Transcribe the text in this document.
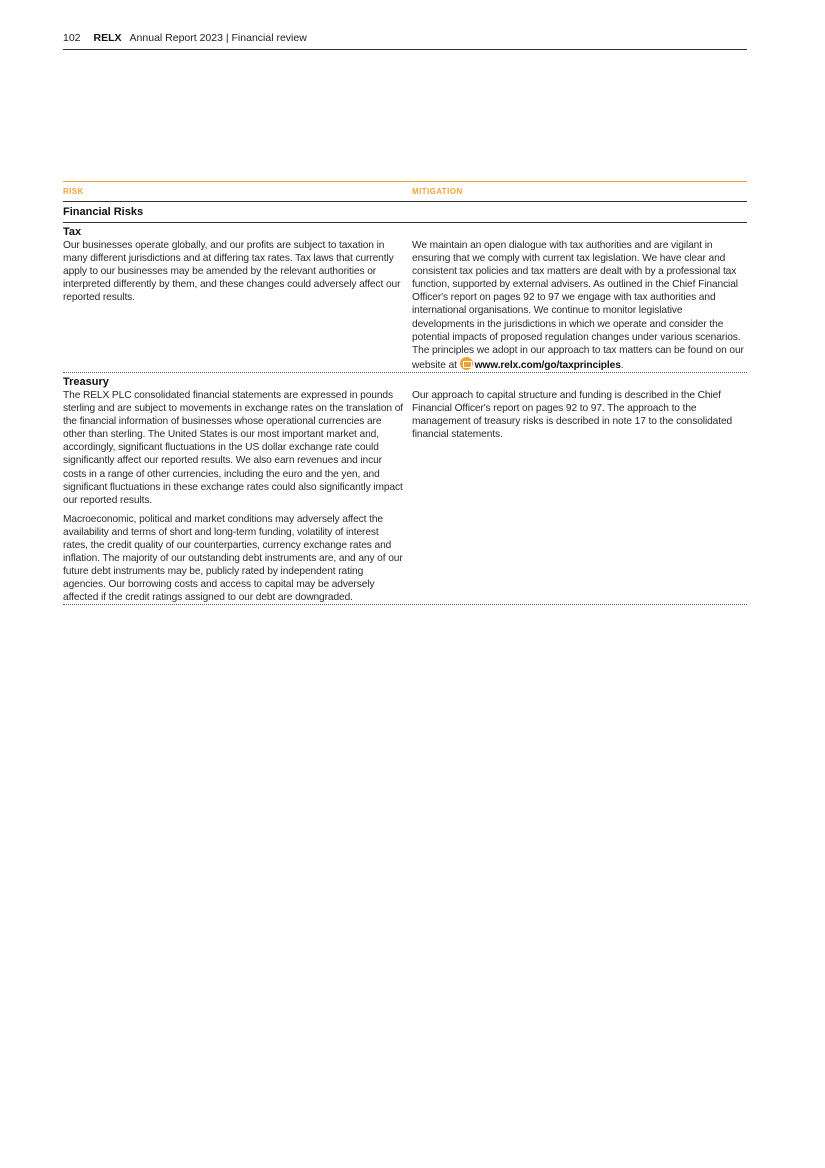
102 RELX Annual Report 2023 | Financial review
RISK	MITIGATION
Financial Risks
Tax

Our businesses operate globally, and our profits are subject to taxation in many different jurisdictions and at differing tax rates. Tax laws that currently apply to our businesses may be amended by the relevant authorities or interpreted differently by them, and these changes could adversely affect our reported results.

We maintain an open dialogue with tax authorities and are vigilant in ensuring that we comply with current tax legislation. We have clear and consistent tax policies and tax matters are dealt with by a professional tax function, supported by external advisers. As outlined in the Chief Financial Officer's report on pages 92 to 97 we engage with tax authorities and international organisations. We continue to monitor legislative developments in the jurisdictions in which we operate and consider the potential impacts of proposed regulation changes under various scenarios. The principles we adopt in our approach to tax matters can be found on our website at www.relx.com/go/taxprinciples.

Treasury

The RELX PLC consolidated financial statements are expressed in pounds sterling and are subject to movements in exchange rates on the translation of the financial information of businesses whose operational currencies are other than sterling. The United States is our most important market and, accordingly, significant fluctuations in the US dollar exchange rate could significantly affect our reported results. We also earn revenues and incur costs in a range of other currencies, including the euro and the yen, and significant fluctuations in these exchange rates could also significantly impact our reported results.

Macroeconomic, political and market conditions may adversely affect the availability and terms of short and long-term funding, volatility of interest rates, the credit quality of our counterparties, currency exchange rates and inflation. The majority of our outstanding debt instruments are, and any of our future debt instruments may be, publicly rated by independent rating agencies. Our borrowing costs and access to capital may be adversely affected if the credit ratings assigned to our debt are downgraded.

Our approach to capital structure and funding is described in the Chief Financial Officer's report on pages 92 to 97. The approach to the management of treasury risks is described in note 17 to the consolidated financial statements.
